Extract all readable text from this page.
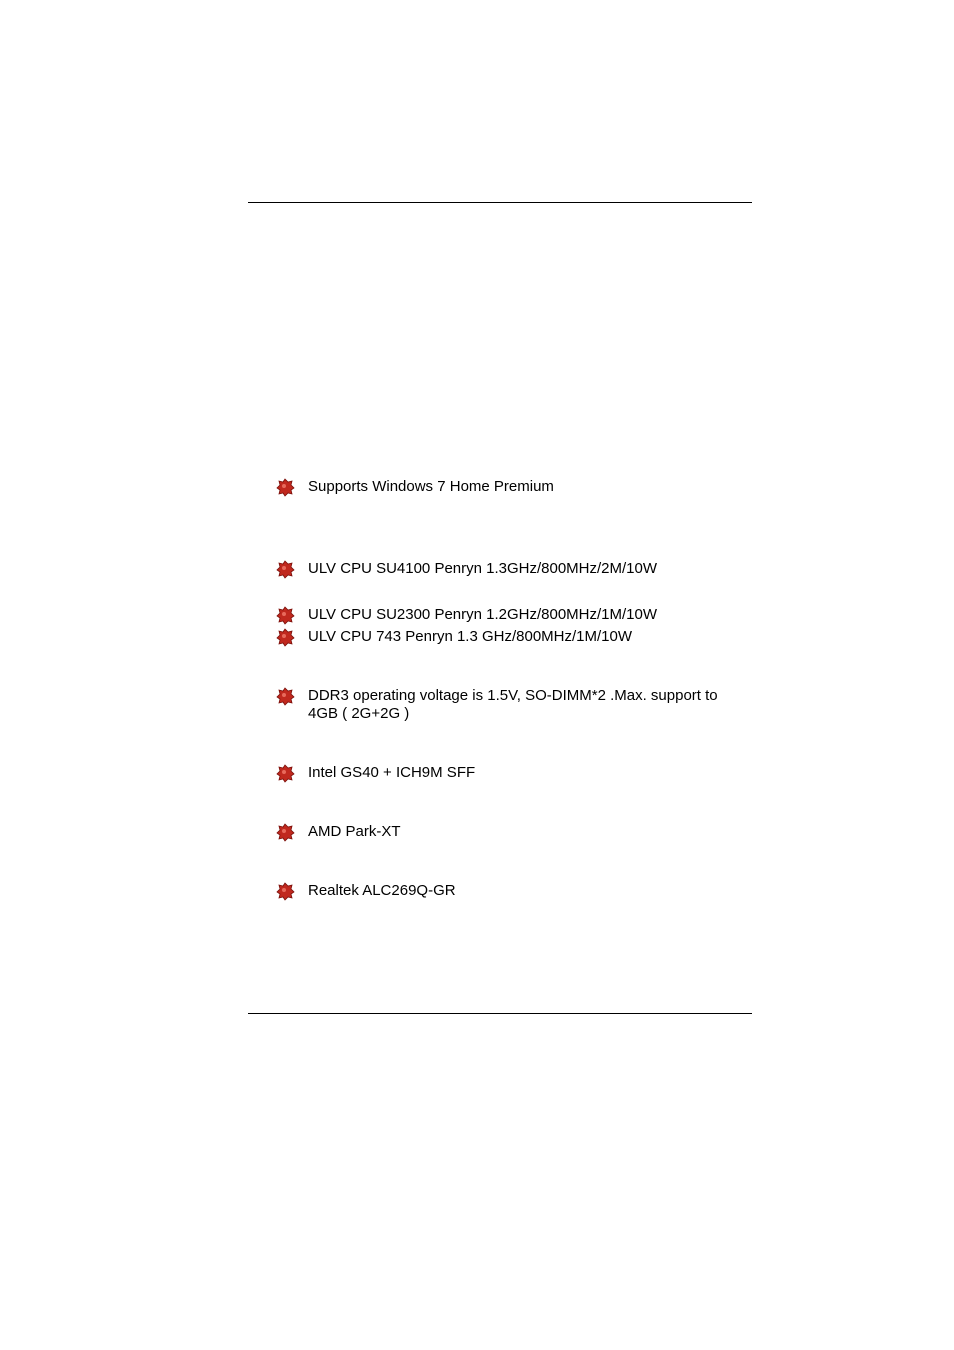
Supports Windows 7 Home Premium
ULV CPU SU4100 Penryn 1.3GHz/800MHz/2M/10W
ULV CPU SU2300 Penryn 1.2GHz/800MHz/1M/10W
ULV CPU 743 Penryn 1.3 GHz/800MHz/1M/10W
DDR3 operating voltage is 1.5V, SO-DIMM*2 .Max. support to
4GB ( 2G+2G )
Intel GS40 + ICH9M SFF
AMD Park-XT
Realtek ALC269Q-GR
